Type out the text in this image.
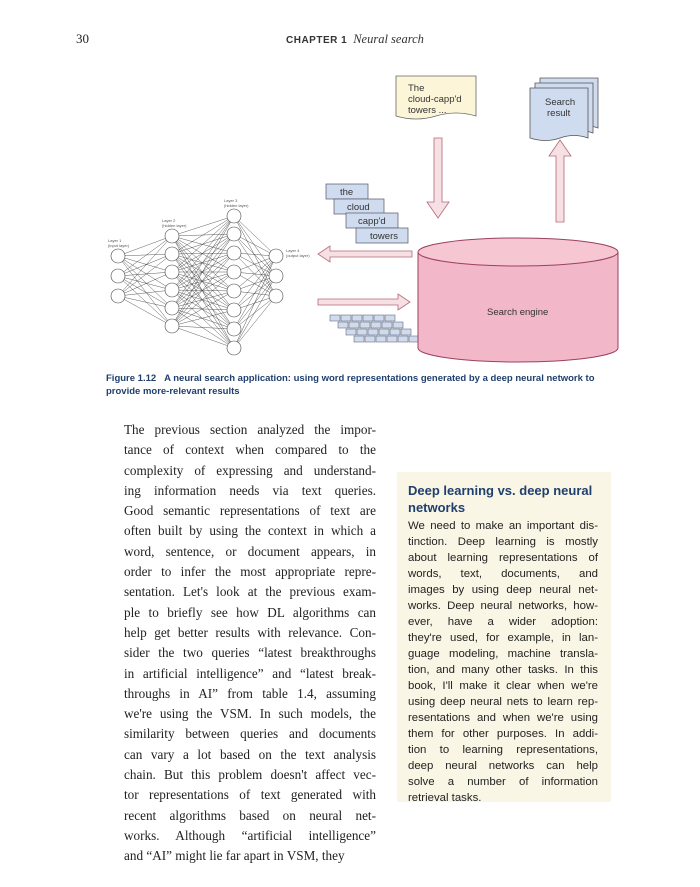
30	CHAPTER 1 Neural search
Layer 1
(input layer)
Layer 2
(hidden layer)
Layer 3
(hidden layer)
Layer 4
(output layer)
The
cloud-capp'd
towers ...
Search
result
the
cloud
capp'd
towers
Search engine
Figure 1.12 A neural search application: using word representations generated by a deep neural network to provide more-relevant results
The previous section analyzed the impor-
tance of context when compared to the
complexity of expressing and understand-
ing information needs via text queries.
Good semantic representations of text are
often built by using the context in which a
word, sentence, or document appears, in
order to infer the most appropriate repre-
sentation. Let's look at the previous exam-
ple to briefly see how DL algorithms can
help get better results with relevance. Con-
sider the two queries “latest breakthroughs
in artificial intelligence” and “latest break-
throughs in AI” from table 1.4, assuming
we're using the VSM. In such models, the
similarity between queries and documents
can vary a lot based on the text analysis
chain. But this problem doesn't affect vec-
tor representations of text generated with
recent algorithms based on neural net-
works. Although “artificial intelligence”
and “AI” might lie far apart in VSM, they
Deep learning vs. deep neural networks
We need to make an important dis-
tinction. Deep learning is mostly
about learning representations of
words, text, documents, and
images by using deep neural net-
works. Deep neural networks, how-
ever, have a wider adoption:
they're used, for example, in lan-
guage modeling, machine transla-
tion, and many other tasks. In this
book, I'll make it clear when we're
using deep neural nets to learn rep-
resentations and when we're using
them for other purposes. In addi-
tion to learning representations,
deep neural networks can help
solve a number of information
retrieval tasks.
